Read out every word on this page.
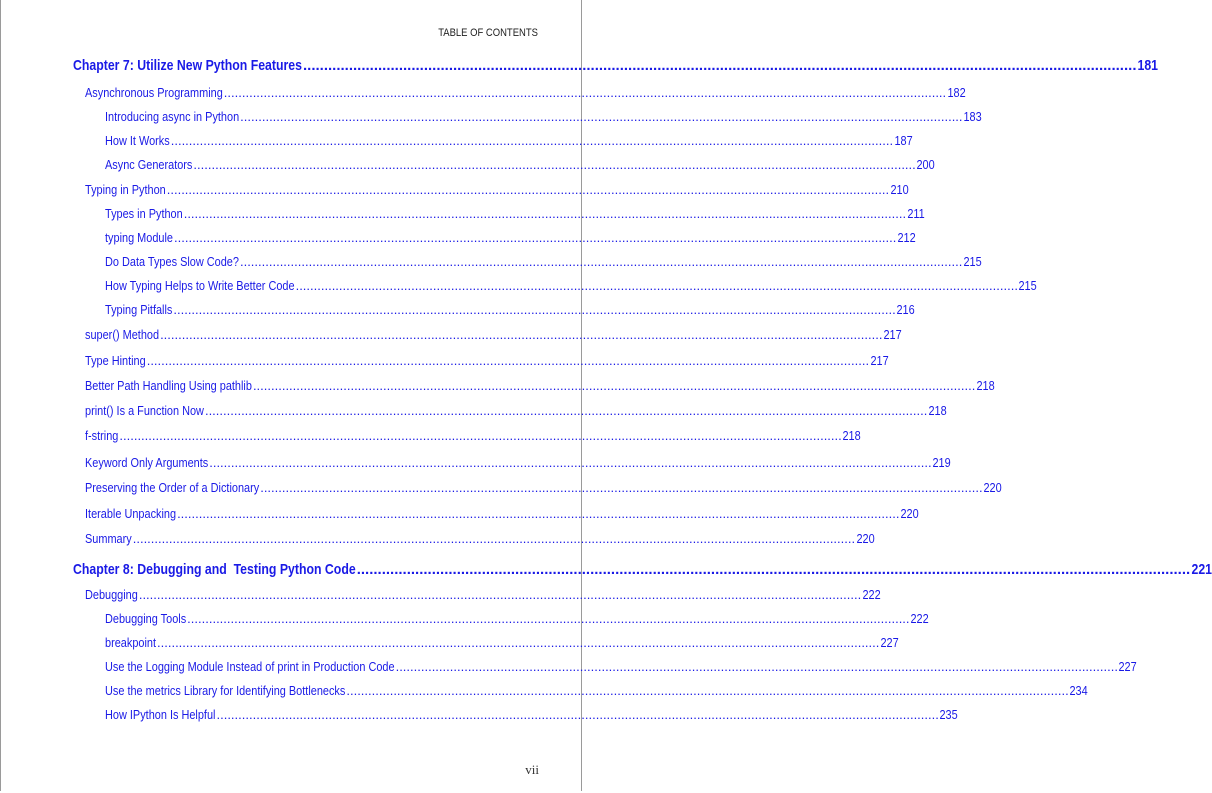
TABLE OF CONTENTS
Chapter 7: Utilize New Python Features ........................................................................................................................................................................................................ 181
Asynchronous Programming ........................................................................................................................................................................................................ 182
Introducing async in Python ........................................................................................................................................................................................................ 183
How It Works ........................................................................................................................................................................................................ 187
Async Generators ........................................................................................................................................................................................................ 200
Typing in Python ........................................................................................................................................................................................................ 210
Types in Python ........................................................................................................................................................................................................ 211
typing Module ........................................................................................................................................................................................................ 212
Do Data Types Slow Code? ........................................................................................................................................................................................................ 215
How Typing Helps to Write Better Code ........................................................................................................................................................................................................ 215
Typing Pitfalls ........................................................................................................................................................................................................ 216
super() Method ........................................................................................................................................................................................................ 217
Type Hinting ........................................................................................................................................................................................................ 217
Better Path Handling Using pathlib ........................................................................................................................................................................................................ 218
print() Is a Function Now ........................................................................................................................................................................................................ 218
f-string ........................................................................................................................................................................................................ 218
Keyword Only Arguments ........................................................................................................................................................................................................ 219
Preserving the Order of a Dictionary ........................................................................................................................................................................................................ 220
Iterable Unpacking ........................................................................................................................................................................................................ 220
Summary ........................................................................................................................................................................................................ 220
Chapter 8: Debugging and  Testing Python Code ........................................................................................................................................................................................................ 221
Debugging ........................................................................................................................................................................................................ 222
Debugging Tools ........................................................................................................................................................................................................ 222
breakpoint ........................................................................................................................................................................................................ 227
Use the Logging Module Instead of print in Production Code ........................................................................................................................................................................................................ 227
Use the metrics Library for Identifying Bottlenecks ........................................................................................................................................................................................................ 234
How IPython Is Helpful ........................................................................................................................................................................................................ 235
vii
